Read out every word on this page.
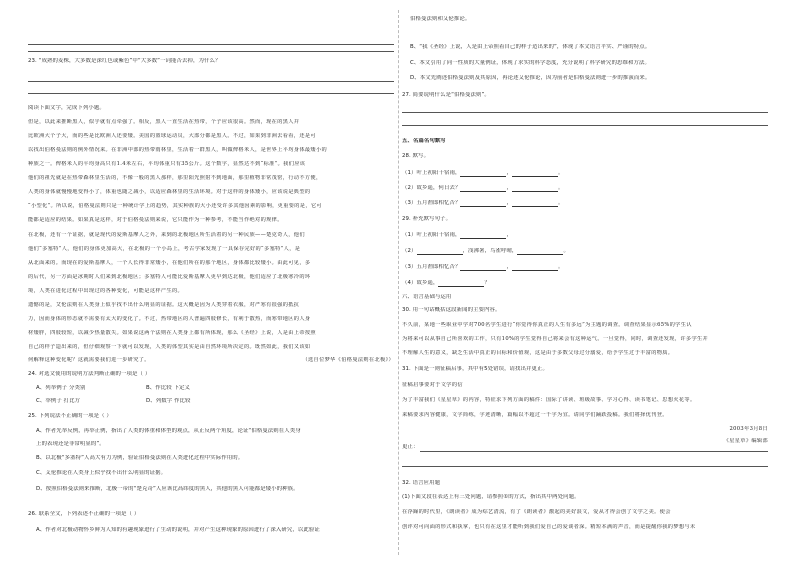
23. “成熟的麦株，大多数是深红色或紫色”中“大多数”一词能否去掉，为什么？
阅读下面文字，完成下列小题。
但是，以此来推断黑人，似乎就有点牵强了。相反，黑人一直生活在热带，个子应该很高。然而，现在的黑人并
比欧洲大个子大，而的些是比欧洲人还要矮。美国的篮球运动员，大部分都是黑人。不过，如果到非洲去看看，还是可
以找出伯格曼法则的例外情况来。在非洲中部的热带雨林里，生活着一群黑人，叫做俾格米人，是世界上平均身体最矮小的
种族之一。俾格米人的平均身高只有1.4米左右，平均体重只有35公斤。这个数字，显然达不到“标准”。我们应该
他们的祖先就是在热带森林里生活的，不像一般的黑人那样，那里阳光照射不到地面，那里植物非常茂密，行动不方便，
人类的身体就慢慢地变得小了，体重也随之减小，以适应森林里的生活环境。对于这样的身体矮小，应该说是典型的
“小型化”。所以说，伯格曼法则只是一种统计学上的趋势，其实种族的大小还受许多其他因素的影响，更重要的是，它可
能都是适应的结果。如果真是这样，对于伯格曼法则来说，它只能作为一种参考，不能当作绝对的规律。
在北极，还有一个证据，就是现代的爱斯基摩人之外，来到的北极地区所生活着的另一种民族——楚克奇人，他们
他们“多塞特”人，他们的身体更加高大，在北极的一个小岛上，考古学家发现了一具保存完好的“多塞特”人，是
从北面来的。而现在的爱斯基摩人，一个人长得非常矮小，在他们所在的那个地区，身体都比较矮小。由此可见，多
的后代，另一方面是冰期时人们来到北极地区；多塞特人可能比爱斯基摩人更早到达北极，他们适应了北极寒冷的环
境，人类在进化过程中出现过的各种变化，可能是这样产生的。
遗憾的是，艾伦法则在人类身上似乎找不出什么明显的证据。这大概是因为人类穿着衣服，对严寒有很强的抵抗
力，因而身体的形态就不需要有太大的变化了。不过，热带地区的人普遍四肢修长，有利于散热，而寒带地区的人身
材矮胖，四肢较短，以减少热量散失。如果说这两个法则在人类身上都有所体现，那么《圣经》上说，人是由上帝按照
自己的样子造出来的，但仔细观察一下就可以发现，人类的体型其实是由自然环境所决定的。既然如此，我们又该如
何解释这种变化呢？这就需要我们进一步研究了。	（选自位梦华《伯格曼法则在北极》）
24. 对选文使用的说明方法判断正确的一项是（ ）
A、列举例子 分类别	B、作比较 下定义
C、举例子 打比方	D、列数字 作比较
25. 下列说法不正确的一项是（ ）
A、作者先举反例，再举正例，指出了人类的体重和体型的观点，从正反两个角度，论证“伯格曼法则在人类身
上的表现还是非常明显的”。
B、以北极“多塞特”人高大有力为例，验证伯格曼法则在人类进化过程中实际作用的。
C、艾伦推论在人类身上似乎找不出什么明显的证据。
D、按照伯格曼法则来推断，北极一带的“楚克奇”人应该比高纬度的黑人，其他的黑人可能都是矮小的种族。
26. 联系全文，下列表述不正确的一项是（ ）
A、作者对北极动物怀乡鲜为人知的有趣现象进行了生动的说明，并对产生这种现象的原因进行了深入研究，以此验证
伯格曼法则和艾伦推论。
B、“我《圣经》上说，人是由上帝照着自己的样子造出来的”，体现了本文语言平实、严谨的特点。
C、本文引用了同一性质的大量例证，体现了求实的科学态度，充分说明了科学研究的思维和方法。
D、本文先阐述伯格曼法则及其原因，再论述艾伦推论，因为前者是伯格曼法则进一步的推演而来。
27. 简要说明什么是“伯格曼法则”。
五、名篇名句默写
28. 默写。
（1）叶上初阳干宿雨，	，	。
（2）故乡遥，何日去？	，	。
（3）五月渔郎相忆否？	，	。
29. 补充默写句子。
（1）叶上初阳干宿雨，	，
（2）	，浅沸暑，鸟雀呼晴，	。
（3）五月渔郎相忆否？	，	。
（4）故乡遥，	？
六、语言基础与运用
30. 用一句话概括这段新闻的主要内容。
不久前，某地一些职业中学对700名学生进行“你觉得你真正的人生有多远”为主题的调查。调查结果显示65%的学生认
为将来可以从事自己所喜欢的工作，只有10%的学生觉得自己将来会有这种运气。一旦觉得，同时，调查还发现，许多学生并
不理解人生的意义，缺乏生活中真正的目标和价值观，这是由于多数父母过分溺爱，给予学生过于丰富的物质。
31. 下面是一则征稿启事，其中有5处错误，请找出并更正。
征稿启事要对于文学的信
为了丰富我们《星星草》的内容，特征求下列方面的稿件：国际了讲读、班级故事、学习心得、读书笔记、思想火花等。
来稿要求内容健康，文字简练，字迹清晰，篇幅以不超过一千字为宜。请同学们踊跃投稿。我们将择优刊登。
2003年3月8日
《星星草》编辑部
更正：
32. 语言应用题
(1)下面文段在表达上有三处问题，请参照①的方式，指出其中两处问题。
在浮躁的时代里，《朗读者》成为综艺清流，有了《朗读者》激起的美好浪文，爱从才得会创了文学之美。使会
创评对可向面的形式和执掌，也只有在这里才能听到我们爱自己的爱谈者深。精短本满的声音，而是提醒你我的梦想与未
